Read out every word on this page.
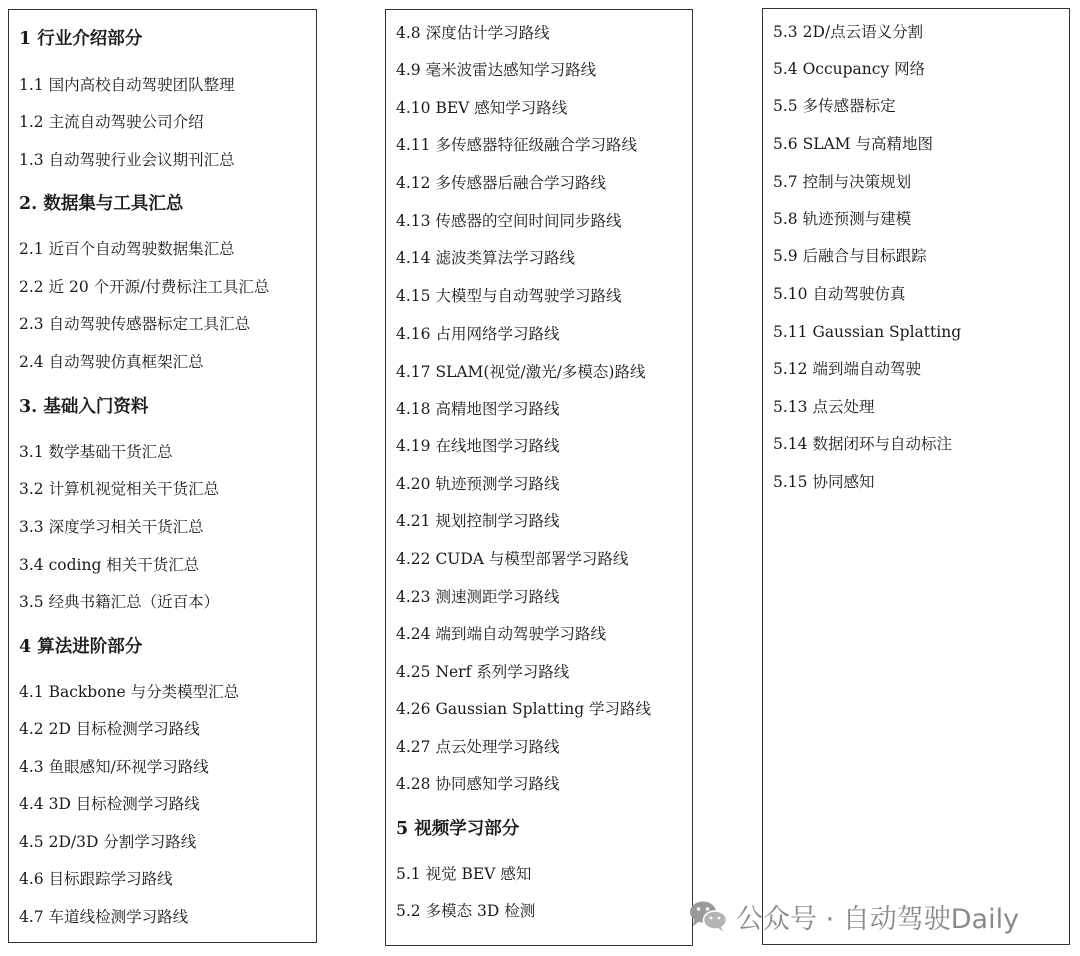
1 行业介绍部分
1.1 国内高校自动驾驶团队整理
1.2 主流自动驾驶公司介绍
1.3 自动驾驶行业会议期刊汇总
2. 数据集与工具汇总
2.1 近百个自动驾驶数据集汇总
2.2 近 20 个开源/付费标注工具汇总
2.3 自动驾驶传感器标定工具汇总
2.4 自动驾驶仿真框架汇总
3. 基础入门资料
3.1 数学基础干货汇总
3.2 计算机视觉相关干货汇总
3.3 深度学习相关干货汇总
3.4 coding 相关干货汇总
3.5 经典书籍汇总（近百本）
4 算法进阶部分
4.1 Backbone 与分类模型汇总
4.2 2D 目标检测学习路线
4.3 鱼眼感知/环视学习路线
4.4 3D 目标检测学习路线
4.5 2D/3D 分割学习路线
4.6 目标跟踪学习路线
4.7 车道线检测学习路线
4.8 深度估计学习路线
4.9 毫米波雷达感知学习路线
4.10 BEV 感知学习路线
4.11 多传感器特征级融合学习路线
4.12 多传感器后融合学习路线
4.13 传感器的空间时间同步路线
4.14 滤波类算法学习路线
4.15 大模型与自动驾驶学习路线
4.16 占用网络学习路线
4.17 SLAM(视觉/激光/多模态)路线
4.18 高精地图学习路线
4.19 在线地图学习路线
4.20 轨迹预测学习路线
4.21 规划控制学习路线
4.22 CUDA 与模型部署学习路线
4.23 测速测距学习路线
4.24 端到端自动驾驶学习路线
4.25 Nerf 系列学习路线
4.26 Gaussian Splatting 学习路线
4.27 点云处理学习路线
4.28 协同感知学习路线
5 视频学习部分
5.1 视觉 BEV 感知
5.2 多模态 3D 检测
5.3 2D/点云语义分割
5.4 Occupancy 网络
5.5 多传感器标定
5.6 SLAM 与高精地图
5.7 控制与决策规划
5.8 轨迹预测与建模
5.9 后融合与目标跟踪
5.10 自动驾驶仿真
5.11 Gaussian Splatting
5.12 端到端自动驾驶
5.13 点云处理
5.14 数据闭环与自动标注
5.15 协同感知
公众号 · 自动驾驶Daily
